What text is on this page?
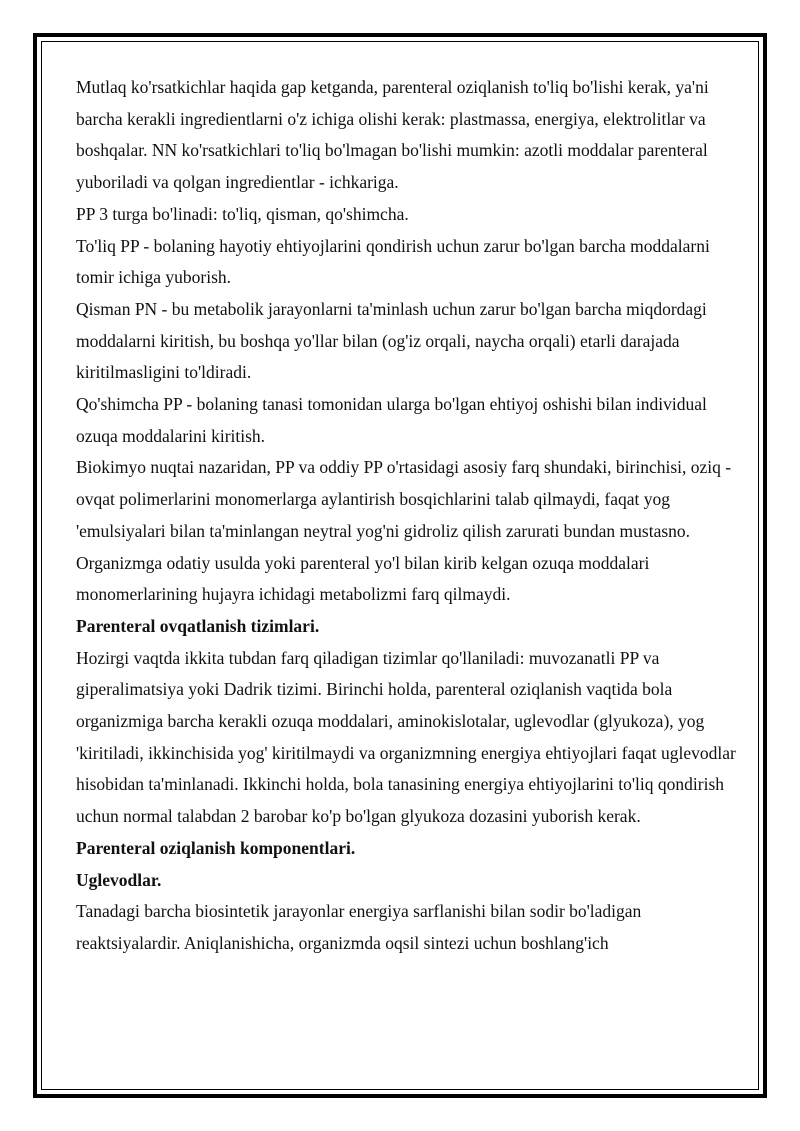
Mutlaq ko'rsatkichlar haqida gap ketganda, parenteral oziqlanish to'liq bo'lishi kerak, ya'ni barcha kerakli ingredientlarni o'z ichiga olishi kerak: plastmassa, energiya, elektrolitlar va boshqalar. NN ko'rsatkichlari to'liq bo'lmagan bo'lishi mumkin: azotli moddalar parenteral yuboriladi va qolgan ingredientlar - ichkariga.

PP 3 turga bo'linadi: to'liq, qisman, qo'shimcha.

To'liq PP - bolaning hayotiy ehtiyojlarini qondirish uchun zarur bo'lgan barcha moddalarni tomir ichiga yuborish.

Qisman PN - bu metabolik jarayonlarni ta'minlash uchun zarur bo'lgan barcha miqdordagi moddalarni kiritish, bu boshqa yo'llar bilan (og'iz orqali, naycha orqali) etarli darajada kiritilmasligini to'ldiradi.

Qo'shimcha PP - bolaning tanasi tomonidan ularga bo'lgan ehtiyoj oshishi bilan individual ozuqa moddalarini kiritish.

Biokimyo nuqtai nazaridan, PP va oddiy PP o'rtasidagi asosiy farq shundaki, birinchisi, oziq -ovqat polimerlarini monomerlarga aylantirish bosqichlarini talab qilmaydi, faqat yog 'emulsiyalari bilan ta'minlangan neytral yog'ni gidroliz qilish zarurati bundan mustasno. Organizmga odatiy usulda yoki parenteral yo'l bilan kirib kelgan ozuqa moddalari monomerlarining hujayra ichidagi metabolizmi farq qilmaydi.

Parenteral ovqatlanish tizimlari.

Hozirgi vaqtda ikkita tubdan farq qiladigan tizimlar qo'llaniladi: muvozanatli PP va giperalimatsiya yoki Dadrik tizimi. Birinchi holda, parenteral oziqlanish vaqtida bola organizmiga barcha kerakli ozuqa moddalari, aminokislotalar, uglevodlar (glyukoza), yog 'kiritiladi, ikkinchisida yog' kiritilmaydi va organizmning energiya ehtiyojlari faqat uglevodlar hisobidan ta'minlanadi. Ikkinchi holda, bola tanasining energiya ehtiyojlarini to'liq qondirish uchun normal talabdan 2 barobar ko'p bo'lgan glyukoza dozasini yuborish kerak.

Parenteral oziqlanish komponentlari.

Uglevodlar.

Tanadagi barcha biosintetik jarayonlar energiya sarflanishi bilan sodir bo'ladigan reaktsiyalardir. Aniqlanishicha, organizmda oqsil sintezi uchun boshlang'ich
